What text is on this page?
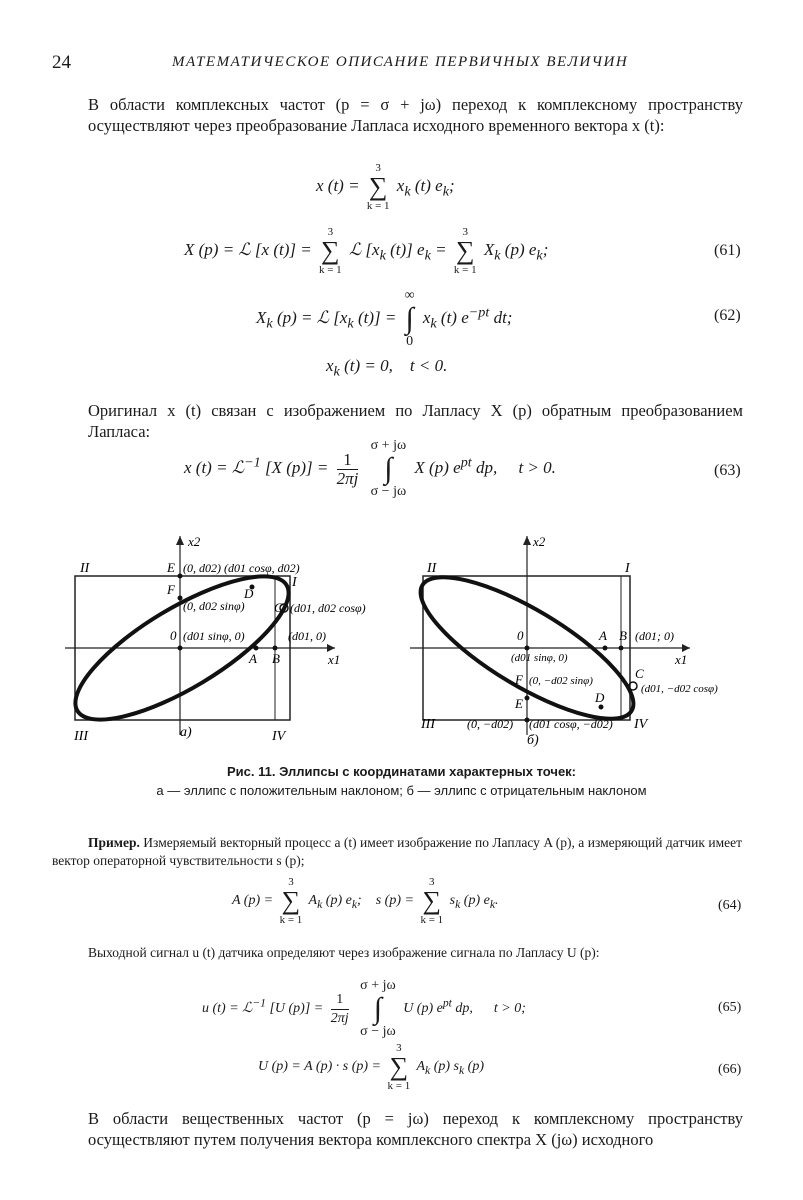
24	МАТЕМАТИЧЕСКОЕ ОПИСАНИЕ ПЕРВИЧНЫХ ВЕЛИЧИН
В области комплексных частот (p = σ + jω) переход к комплексному пространству осуществляют через преобразование Лапласа исходного временного вектора x (t):
x (t) =
3
∑
k = 1
$x_k$ (t) $e_k$;
X (p) = ℒ [x (t)] =
3
∑
k = 1
ℒ [$x_k$ (t)] $e_k$ =
3
∑
k = 1
$X_k$ (p) $e_k$;	(61)
$X_k$ (p) = ℒ [$x_k$ (t)] =
∞
∫
0
$x_k$ (t) $e^{-pt}$ dt;	(62)
$x_k$ (t) = 0, t < 0.
Оригинал x (t) связан с изображением по Лапласу X (p) обратным преобразованием Лапласа:
x (t) = ℒ$^{-1}$ [X $(p)] = \frac{1}{2\pi j}$

σ + jω
∫
σ − jω
X (p) $e^{pt}$ dp, t > 0.	(63)
x2
x1
II
I
III	IV
E
F	D
C
0
A B
(0, d02) (d01 cosφ, d02)
(0, d02 sinφ)	(d01, d02 cosφ)
(d01 sinφ, 0)	(d01, 0)
а)
x2
x1
II	I
III	IV
0	A B (d01; 0)
(d01 sinφ, 0)
F (0, −d02 sinφ)	C
(d01, −d02 cosφ)
D
E
(0, −d02) (d01 cosφ, −d02)
б)
Рис. 11. Эллипсы с координатами характерных точек:
а — эллипс с положительным наклоном; б — эллипс с отрицательным наклоном
Пример. Измеряемый векторный процесс a (t) имеет изображение по Лапласу A (p), а измеряющий датчик имеет вектор операторной чувствительности s (p);
A (p) =
3
∑
k = 1
$A_k$ (p) $e_k$; s (p) =
3
∑
k = 1
$s_k$ (p) $e_k$.	(64)
Выходной сигнал u (t) датчика определяют через изображение сигнала по Лапласу U (p):
u (t) = ℒ$^{-1}$ [U $(p)] = \frac{1}{2\pi j}$

σ + jω
∫
σ − jω
U (p) $e^{pt}$ dp, t > 0;	(65)
U (p) = A (p) · s (p) =
3
∑
k = 1
$A_k$ (p) $s_k$ (p)	(66)
В области вещественных частот (p = jω) переход к комплексному пространству осуществляют путем получения вектора комплексного спектра X (jω) исходного
